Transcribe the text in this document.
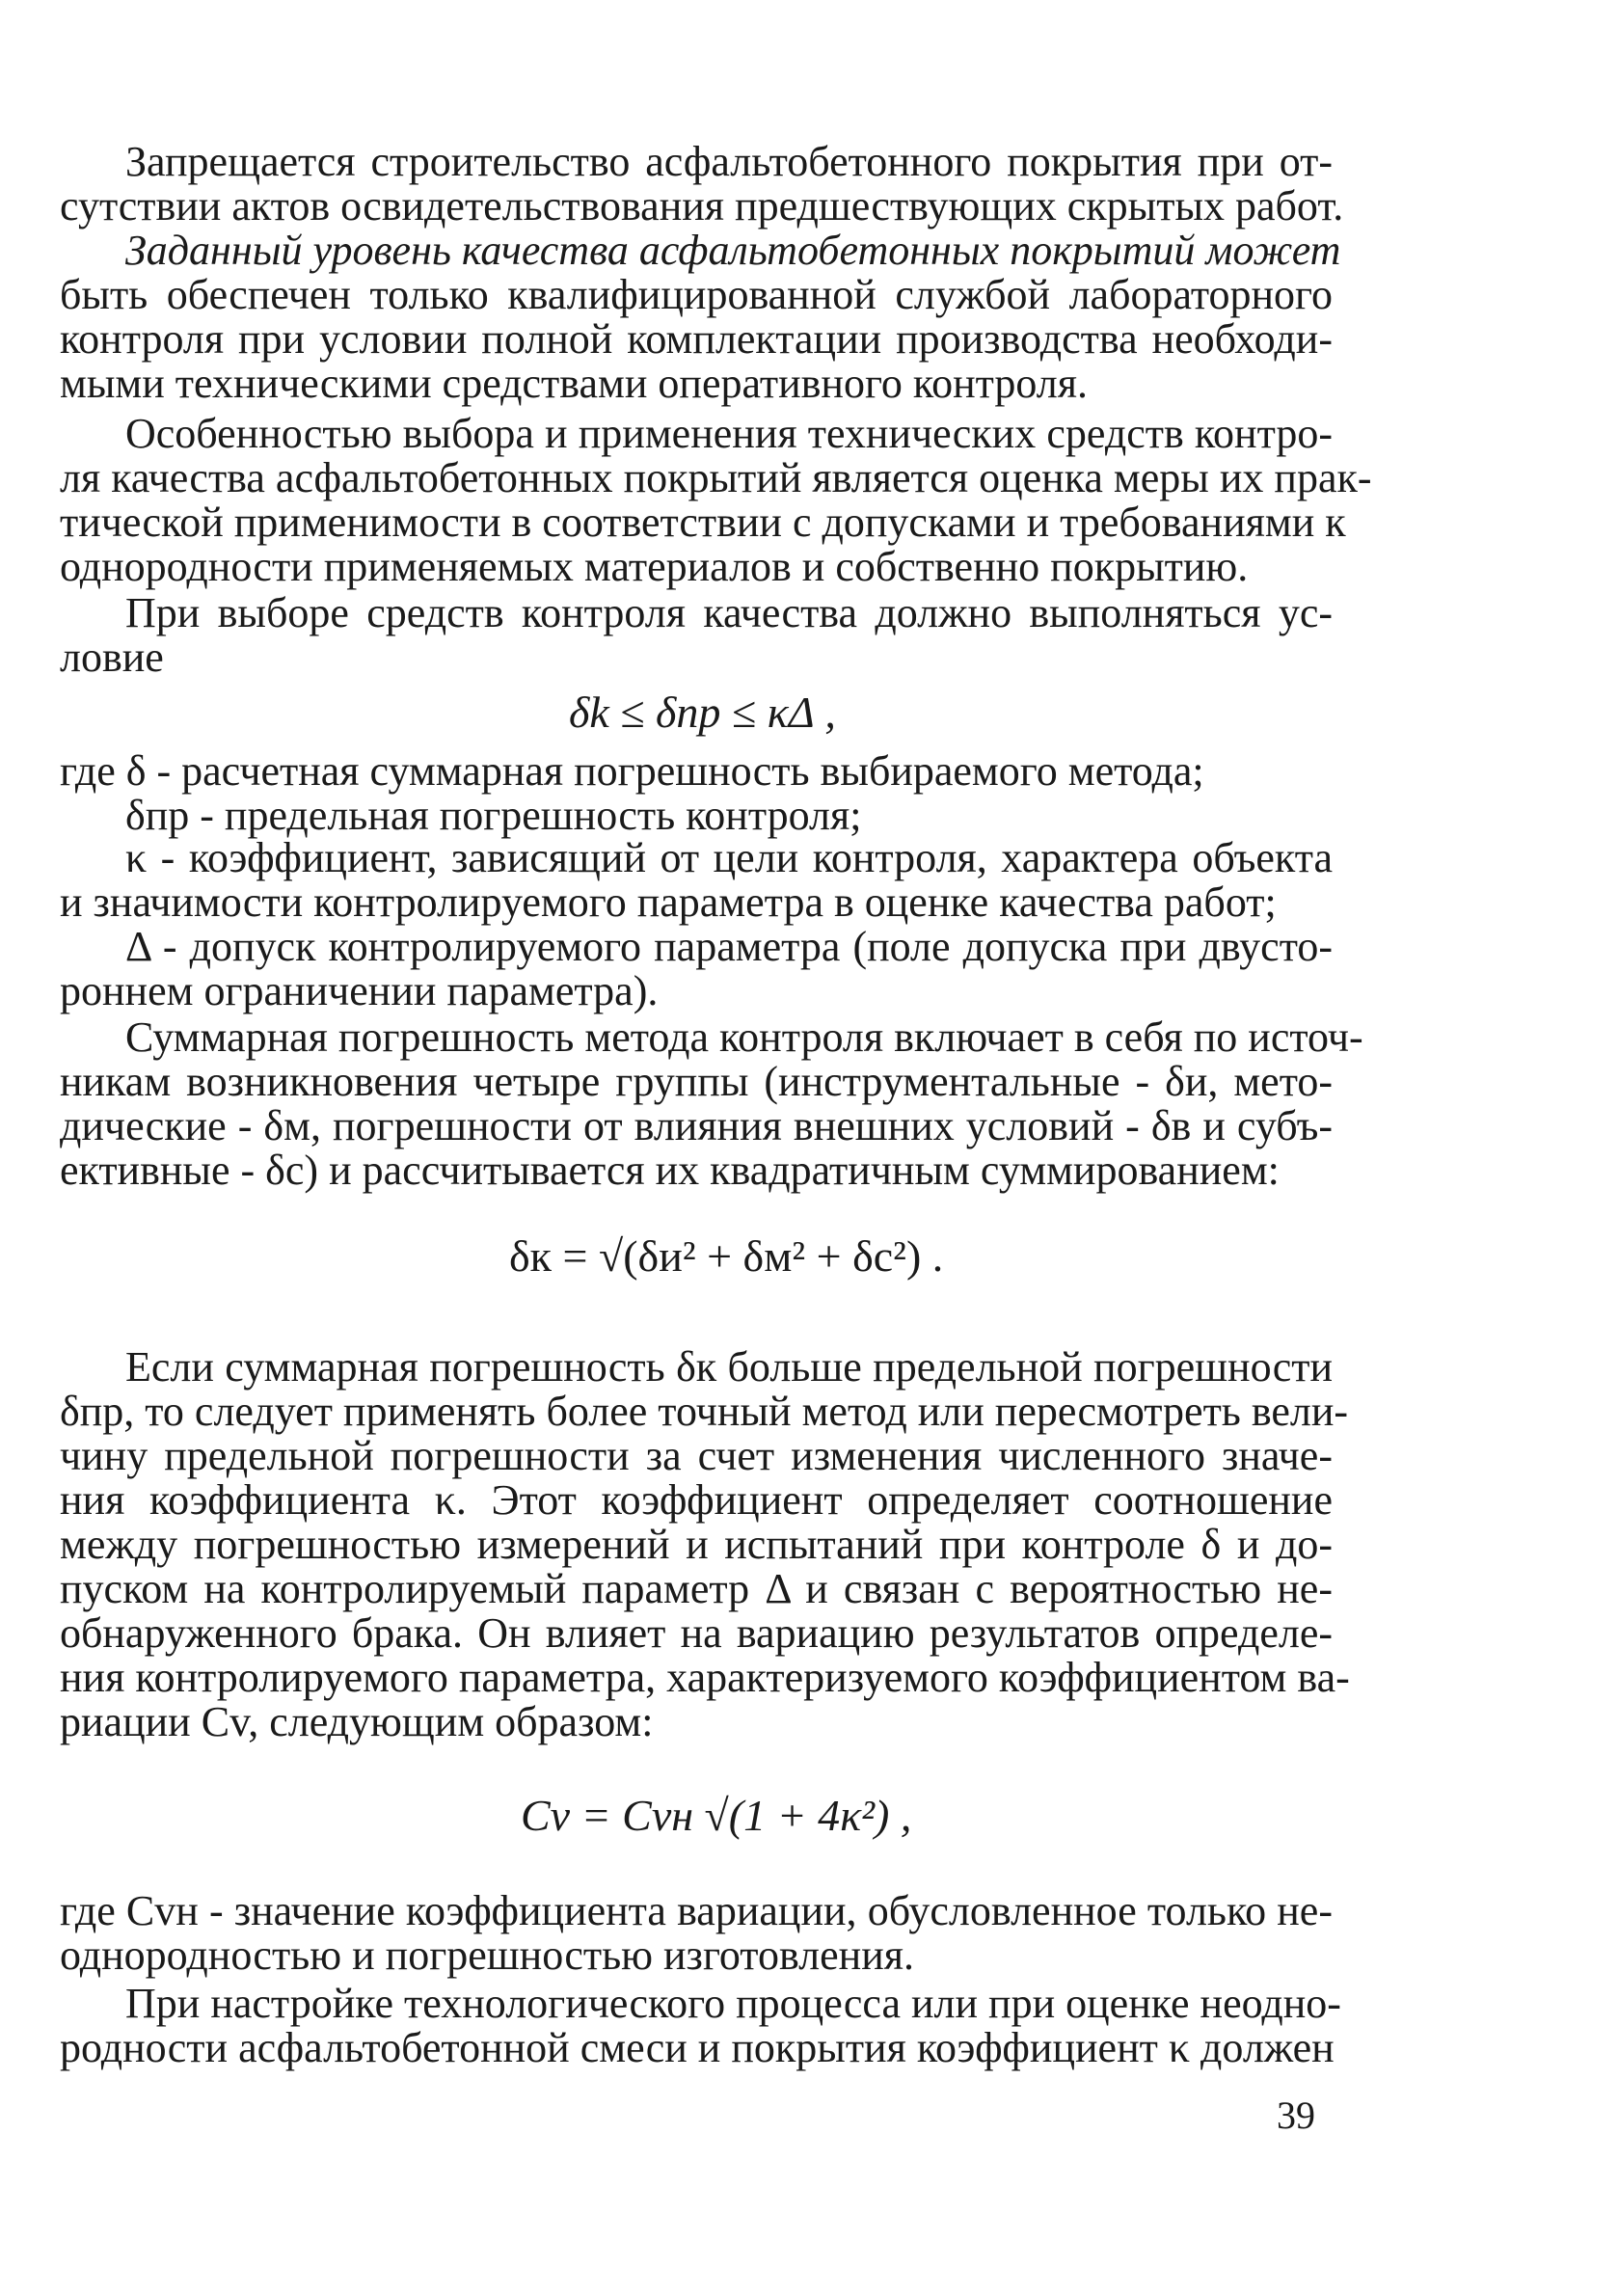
Запрещается строительство асфальтобетонного покрытия при от-
сутствии актов освидетельствования предшествующих скрытых работ.
Заданный уровень качества асфальтобетонных покрытий может
быть обеспечен только квалифицированной службой лабораторного
контроля при условии полной комплектации производства необходи-
мыми техническими средствами оперативного контроля.
Особенностью выбора и применения технических средств контро-
ля качества асфальтобетонных покрытий является оценка меры их прак-
тической применимости в соответствии с допусками и требованиями к
однородности применяемых материалов и собственно покрытию.
При выборе средств контроля качества должно выполняться ус-
ловие
δk ≤ δпр ≤ κΔ ,
где δ - расчетная суммарная погрешность выбираемого метода;
δпр - предельная погрешность контроля;
κ - коэффициент, зависящий от цели контроля, характера объекта
и значимости контролируемого параметра в оценке качества работ;
Δ - допуск контролируемого параметра (поле допуска при двусто-
роннем ограничении параметра).
Суммарная погрешность метода контроля включает в себя по источ-
никам возникновения четыре группы (инструментальные - δи, мето-
дические - δм, погрешности от влияния внешних условий - δв и субъ-
ективные - δс) и рассчитывается их квадратичным суммированием:
δк = √(δи² + δм² + δс²) .
Если суммарная погрешность δк больше предельной погрешности
δпр, то следует применять более точный метод или пересмотреть вели-
чину предельной погрешности за счет изменения численного значе-
ния коэффициента κ. Этот коэффициент определяет соотношение
между погрешностью измерений и испытаний при контроле δ и до-
пуском на контролируемый параметр Δ и связан с вероятностью не-
обнаруженного брака. Он влияет на вариацию результатов определе-
ния контролируемого параметра, характеризуемого коэффициентом ва-
риации Cv, следующим образом:
Cv = Cvн √(1 + 4κ²) ,
где Cvн - значение коэффициента вариации, обусловленное только не-
однородностью и погрешностью изготовления.
При настройке технологического процесса или при оценке неодно-
родности асфальтобетонной смеси и покрытия коэффициент κ должен
39
